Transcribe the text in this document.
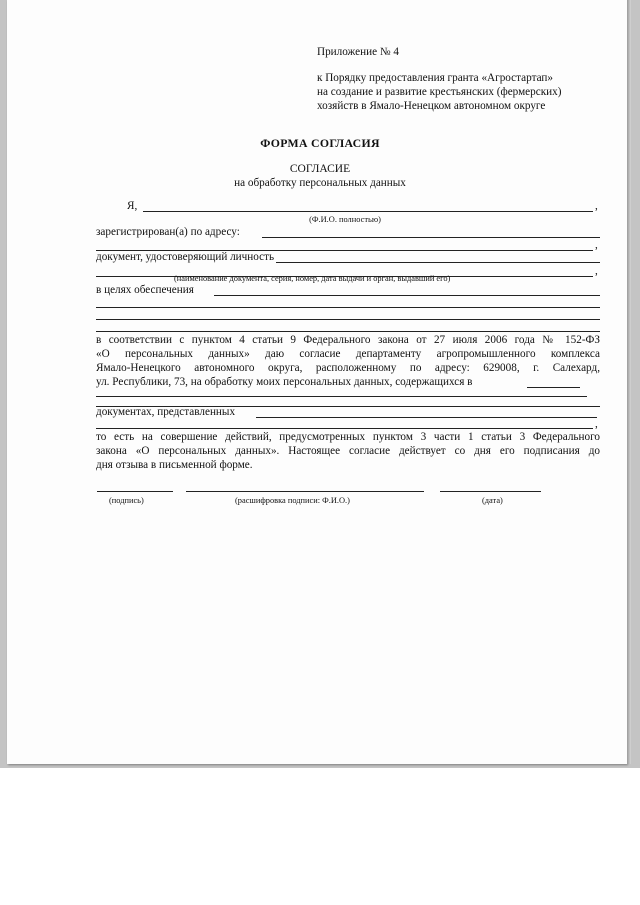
Приложение № 4
к Порядку предоставления гранта «Агростартап»
на создание и развитие крестьянских (фермерских)
хозяйств в Ямало-Ненецком автономном округе
ФОРМА СОГЛАСИЯ
СОГЛАСИЕ
на обработку персональных данных
Я,	,
(Ф.И.О. полностью)
зарегистрирован(а) по адресу:
,
документ, удостоверяющий личность
,
(наименование документа, серия, номер, дата выдачи и орган, выдавший его)
в целях обеспечения
в соответствии с пунктом 4 статьи 9 Федерального закона от 27 июля 2006 года № 152-ФЗ
«О персональных данных» даю согласие департаменту агропромышленного комплекса
Ямало-Ненецкого автономного округа, расположенному по адресу: 629008, г. Салехард,
ул. Республики, 73, на обработку моих персональных данных, содержащихся в
документах, представленных
,
то есть на совершение действий, предусмотренных пунктом 3 части 1 статьи 3 Федерального
закона «О персональных данных». Настоящее согласие действует со дня его подписания до
дня отзыва в письменной форме.
(подпись)	(расшифровка подписи: Ф.И.О.)	(дата)
